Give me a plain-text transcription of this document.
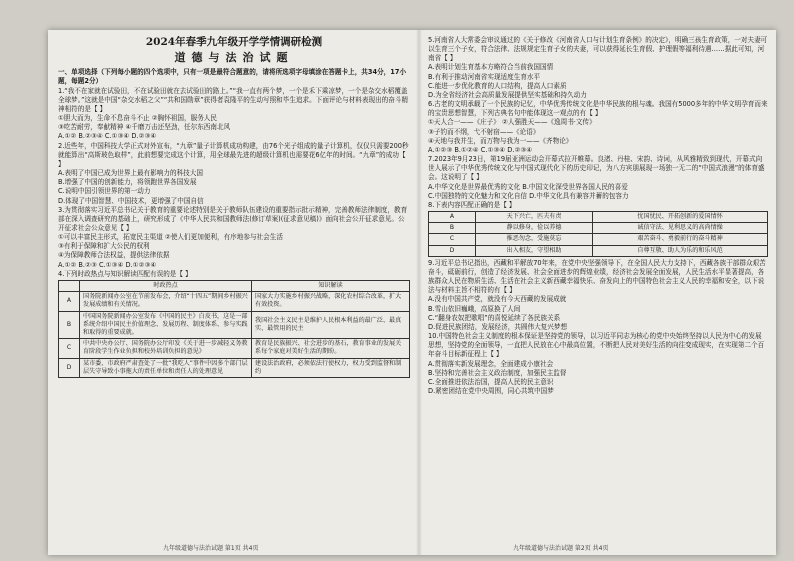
2024年春季九年级开学学情调研检测
道德与法治试题

一、单项选择（下列每小题的四个选项中，只有一项是最符合题意的，请将所选项字母填涂在答题卡上，共34分，17小题，每题2分）

1.“我不在家就在试验田，不在试验田就在去试验田的路上。”“我一直有两个梦，一个是禾下乘凉梦，一个是杂交水稻覆盖全球梦。”这就是中国“杂交水稻之父”“共和国勋章”获得者袁隆平的生动写照和毕生追求。下面评论与材料表现出的奋斗精神相符的是【 】

①胆大而为，生命不息奋斗不止 ②胸怀祖国，服务人民

③吃苦耐劳，奉献精神 ④千磨万击还坚劲，任尔东西南北风

A.①② B.②③④ C.①③④ D.②③④

2.近些年，中国科技大学正式对外宣布，“九章”量子计算机成功构建，由76个光子组成的量子计算机，仅仅只需要200秒就能算出“高斯玻色取样”，此前想要完成这个计算，用全球最先进的超级计算机也需要花6亿年的时间。“九章”的成功【 】

A.表明了中国已成为世界上最有影响力的科技大国

B.增强了中国的创新能力，将领跑世界各国发展

C.说明中国引领世界的第一动力

D.体现了中国智慧、中国技术，更增强了中国自信

3.为贯彻落实习近平总书记关于教育的重要论述特别是关于教师队伍建设的重要指示批示精神，完善教师法律制度，教育部在深入调查研究的基础上，研究形成了《中华人民共和国教师法(修订草案)(征求意见稿)》面向社会公开征求意见。公开征求社会公众意见【 】

①可以丰富民主形式，拓宽民主渠道 ②使人们更加便利，有序地参与社会生活

③有利于保障和扩大公民的权利

④为保障教师合法权益，提供法律依据

A.①② B.②③ C.①③④ D.①②③④

4.下列时政热点与知识解读匹配有误的是【 】

	时政热点	知识解读
A	国务院新闻办公室在节前发布会，介绍“十四五”期间乡村振兴发展成绩和有关情况。	国家大力实施乡村振兴战略，深化农村综合改革，扩大有效投资。
B	中国国务院新闻办公室发布《中国的民主》白皮书，这是一部系统介绍中国民主价值理念、发展历程、制度体系、参与实践和取得的重要成就。	我国社会主义民主是维护人民根本利益的最广泛、最真实、最管用的民主
C	中共中央办公厅、国务院办公厅印发《关于进一步减轻义务教育阶段学生作业负担和校外培训负担的意见》	教育是民族振兴、社会进步的基石，教育事业的发展关系每个家庭对美好生活的期盼。
D	某市委、市政府严肃查处了一批“我吃人”事件中因多个部门层层失守导致小事拖大的责任单位和责任人的处理意见	建设法治政府，必须依法行使权力，权力受到监督和制约

5.河南省人大常委会审议通过的《关于修改《河南省人口与计划生育条例》的决定》，明确三孩生育政策，一对夫妻可以生育三个子女，符合法律、法规规定生育子女的夫妻，可以获得延长生育假、护理假等福利待遇……据此可知，河南省【 】

A.表明计划生育基本方略符合当前我国国情

B.有利于推动河南省实现适度生育水平

C.能进一步优化教育的人口结构，提高人口素质

D.为全省经济社会高质量发展提供坚实基础和持久动力

6.古老的文明承载了一个民族的记忆，中华优秀传统文化是中华民族的根与魂。我国有5000多年的中华文明孕育而来的宝贵思想智慧，下列古典名句中能体现这一观点的有【 】

①天人合一——《庄子》 ②人强胜天——《逸周书·文传》

③子钓而不纲，弋不射宿——《论语》

④天地与我并生，而万物与我为一——《齐物论》

A.①②③ B.①②④ C.①③④ D.②③④

7.2023年9月23日，第19届亚洲运动会开幕式拉开帷幕。良渚、丹桂、宋韵、诗词，从风雅精致到现代，开幕式向世人展示了中华优秀传统文化与中国式现代化下的历史印记，为八方宾朋展现一场独一无二的“中国式浪漫”的体育盛会。这说明了【 】

A.中华文化是世界最优秀的文化 B.中国文化深受世界各国人民的喜爱

C.中国独特的文化魅力和文化自信 D.中华文化具有兼容并蓄的包容力

8.下表内容匹配正确的是【 】

A	天下兴亡，匹夫有责	忧国忧民、开拓创新的爱国情怀
B	静以修身，俭以养德	诚信守法、见利思义的高尚情操
C	推恶勿念，受施莫忘	艰苦奋斗、勇毅前行的奋斗精神
D	出入相友，守望相助	自尊互敬、助人为乐的和乐风范

9.习近平总书记指出，西藏和平解放70年来，在党中央坚强领导下，在全国人民大力支持下，西藏各族干部群众艰苦奋斗，砥砺前行，创造了经济发展、社会全面进步的辉煌业绩，经济社会发展全面发展，人民生活水平显著提高，各族群众人民在物质生活、生活在社会主义新西藏幸福快乐、奋发向上的中国特色社会主义人民的幸福和安全，以下说法与材料主旨不相符的有【 】

A.没有中国共产党，就没有今天西藏的发展成就

B.雪山依旧巍峨，高原换了人间

C.“翻身农奴把歌唱”的喜悦延续了各民族关系

D.促进民族团结，发展经济，共圆伟大复兴梦想

10.中国特色社会主义制度的根本保证是坚持党的领导，以习近平同志为核心的党中央始终坚持以人民为中心的发展思想，坚持党的全面领导，一直把人民放在心中最高位置，不断把人民对美好生活的向往变成现实，在实现第二个百年奋斗目标新征程上【 】

A.贯彻落实新发展理念，全面建成小康社会

B.坚持和完善社会主义政治制度，加强民主监督

C.全面推进依法治国，提高人民的民主意识

D.紧密团结在党中央周围，同心共筑中国梦

九年级道德与法治试题 第1页 共4页	九年级道德与法治试题 第2页 共4页
